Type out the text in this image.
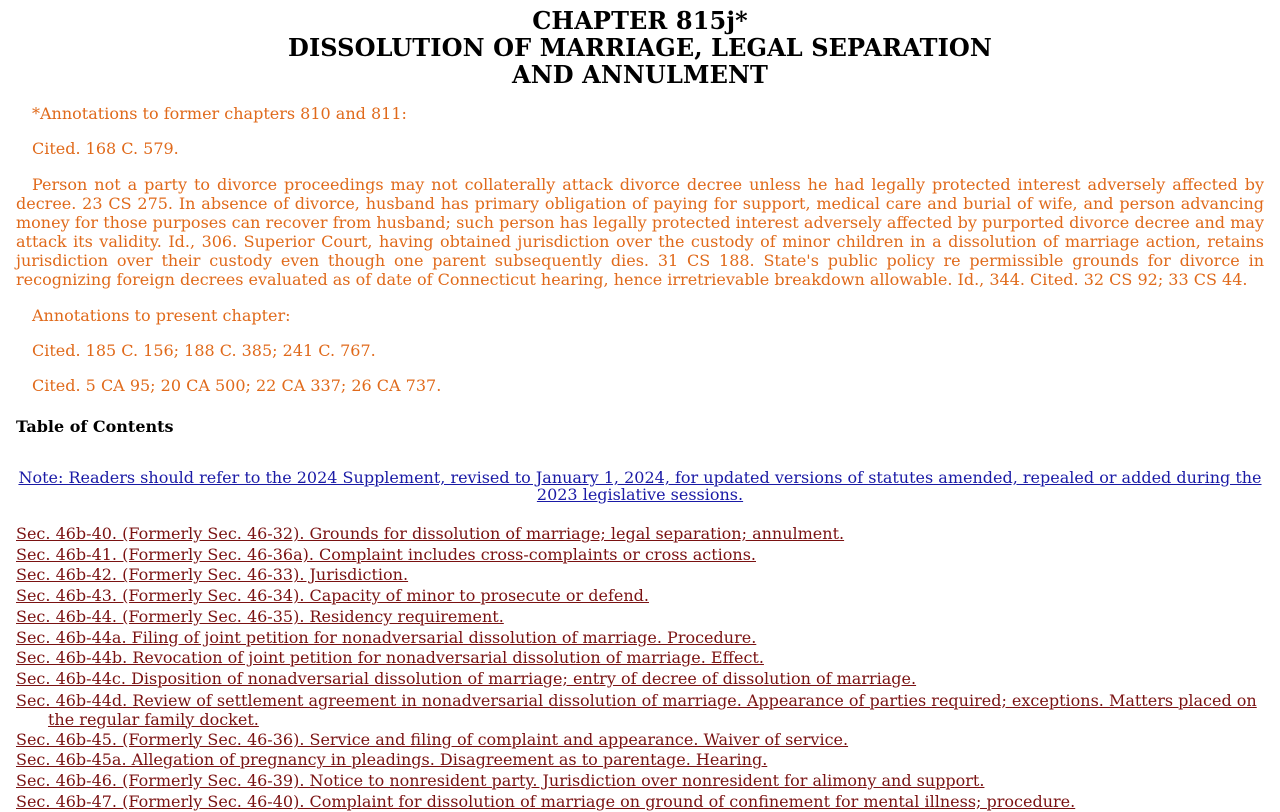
CHAPTER 815j*
DISSOLUTION OF MARRIAGE, LEGAL SEPARATION
AND ANNULMENT

*Annotations to former chapters 810 and 811:

Cited. 168 C. 579.

Person not a party to divorce proceedings may not collaterally attack divorce decree unless he had legally protected interest adversely affected by decree. 23 CS 275. In absence of divorce, husband has primary obligation of paying for support, medical care and burial of wife, and person advancing money for those purposes can recover from husband; such person has legally protected interest adversely affected by purported divorce decree and may attack its validity. Id., 306. Superior Court, having obtained jurisdiction over the custody of minor children in a dissolution of marriage action, retains jurisdiction over their custody even though one parent subsequently dies. 31 CS 188. State's public policy re permissible grounds for divorce in recognizing foreign decrees evaluated as of date of Connecticut hearing, hence irretrievable breakdown allowable. Id., 344. Cited. 32 CS 92; 33 CS 44.

Annotations to present chapter:

Cited. 185 C. 156; 188 C. 385; 241 C. 767.

Cited. 5 CA 95; 20 CA 500; 22 CA 337; 26 CA 737.

Table of Contents
Note: Readers should refer to the 2024 Supplement, revised to January 1, 2024, for updated versions of statutes amended, repealed or added during the 2023 legislative sessions.
Sec. 46b-40. (Formerly Sec. 46-32). Grounds for dissolution of marriage; legal separation; annulment.
Sec. 46b-41. (Formerly Sec. 46-36a). Complaint includes cross-complaints or cross actions.
Sec. 46b-42. (Formerly Sec. 46-33). Jurisdiction.
Sec. 46b-43. (Formerly Sec. 46-34). Capacity of minor to prosecute or defend.
Sec. 46b-44. (Formerly Sec. 46-35). Residency requirement.
Sec. 46b-44a. Filing of joint petition for nonadversarial dissolution of marriage. Procedure.
Sec. 46b-44b. Revocation of joint petition for nonadversarial dissolution of marriage. Effect.
Sec. 46b-44c. Disposition of nonadversarial dissolution of marriage; entry of decree of dissolution of marriage.
Sec. 46b-44d. Review of settlement agreement in nonadversarial dissolution of marriage. Appearance of parties required; exceptions. Matters placed on the regular family docket.
Sec. 46b-45. (Formerly Sec. 46-36). Service and filing of complaint and appearance. Waiver of service.
Sec. 46b-45a. Allegation of pregnancy in pleadings. Disagreement as to parentage. Hearing.
Sec. 46b-46. (Formerly Sec. 46-39). Notice to nonresident party. Jurisdiction over nonresident for alimony and support.
Sec. 46b-47. (Formerly Sec. 46-40). Complaint for dissolution of marriage on ground of confinement for mental illness; procedure.
